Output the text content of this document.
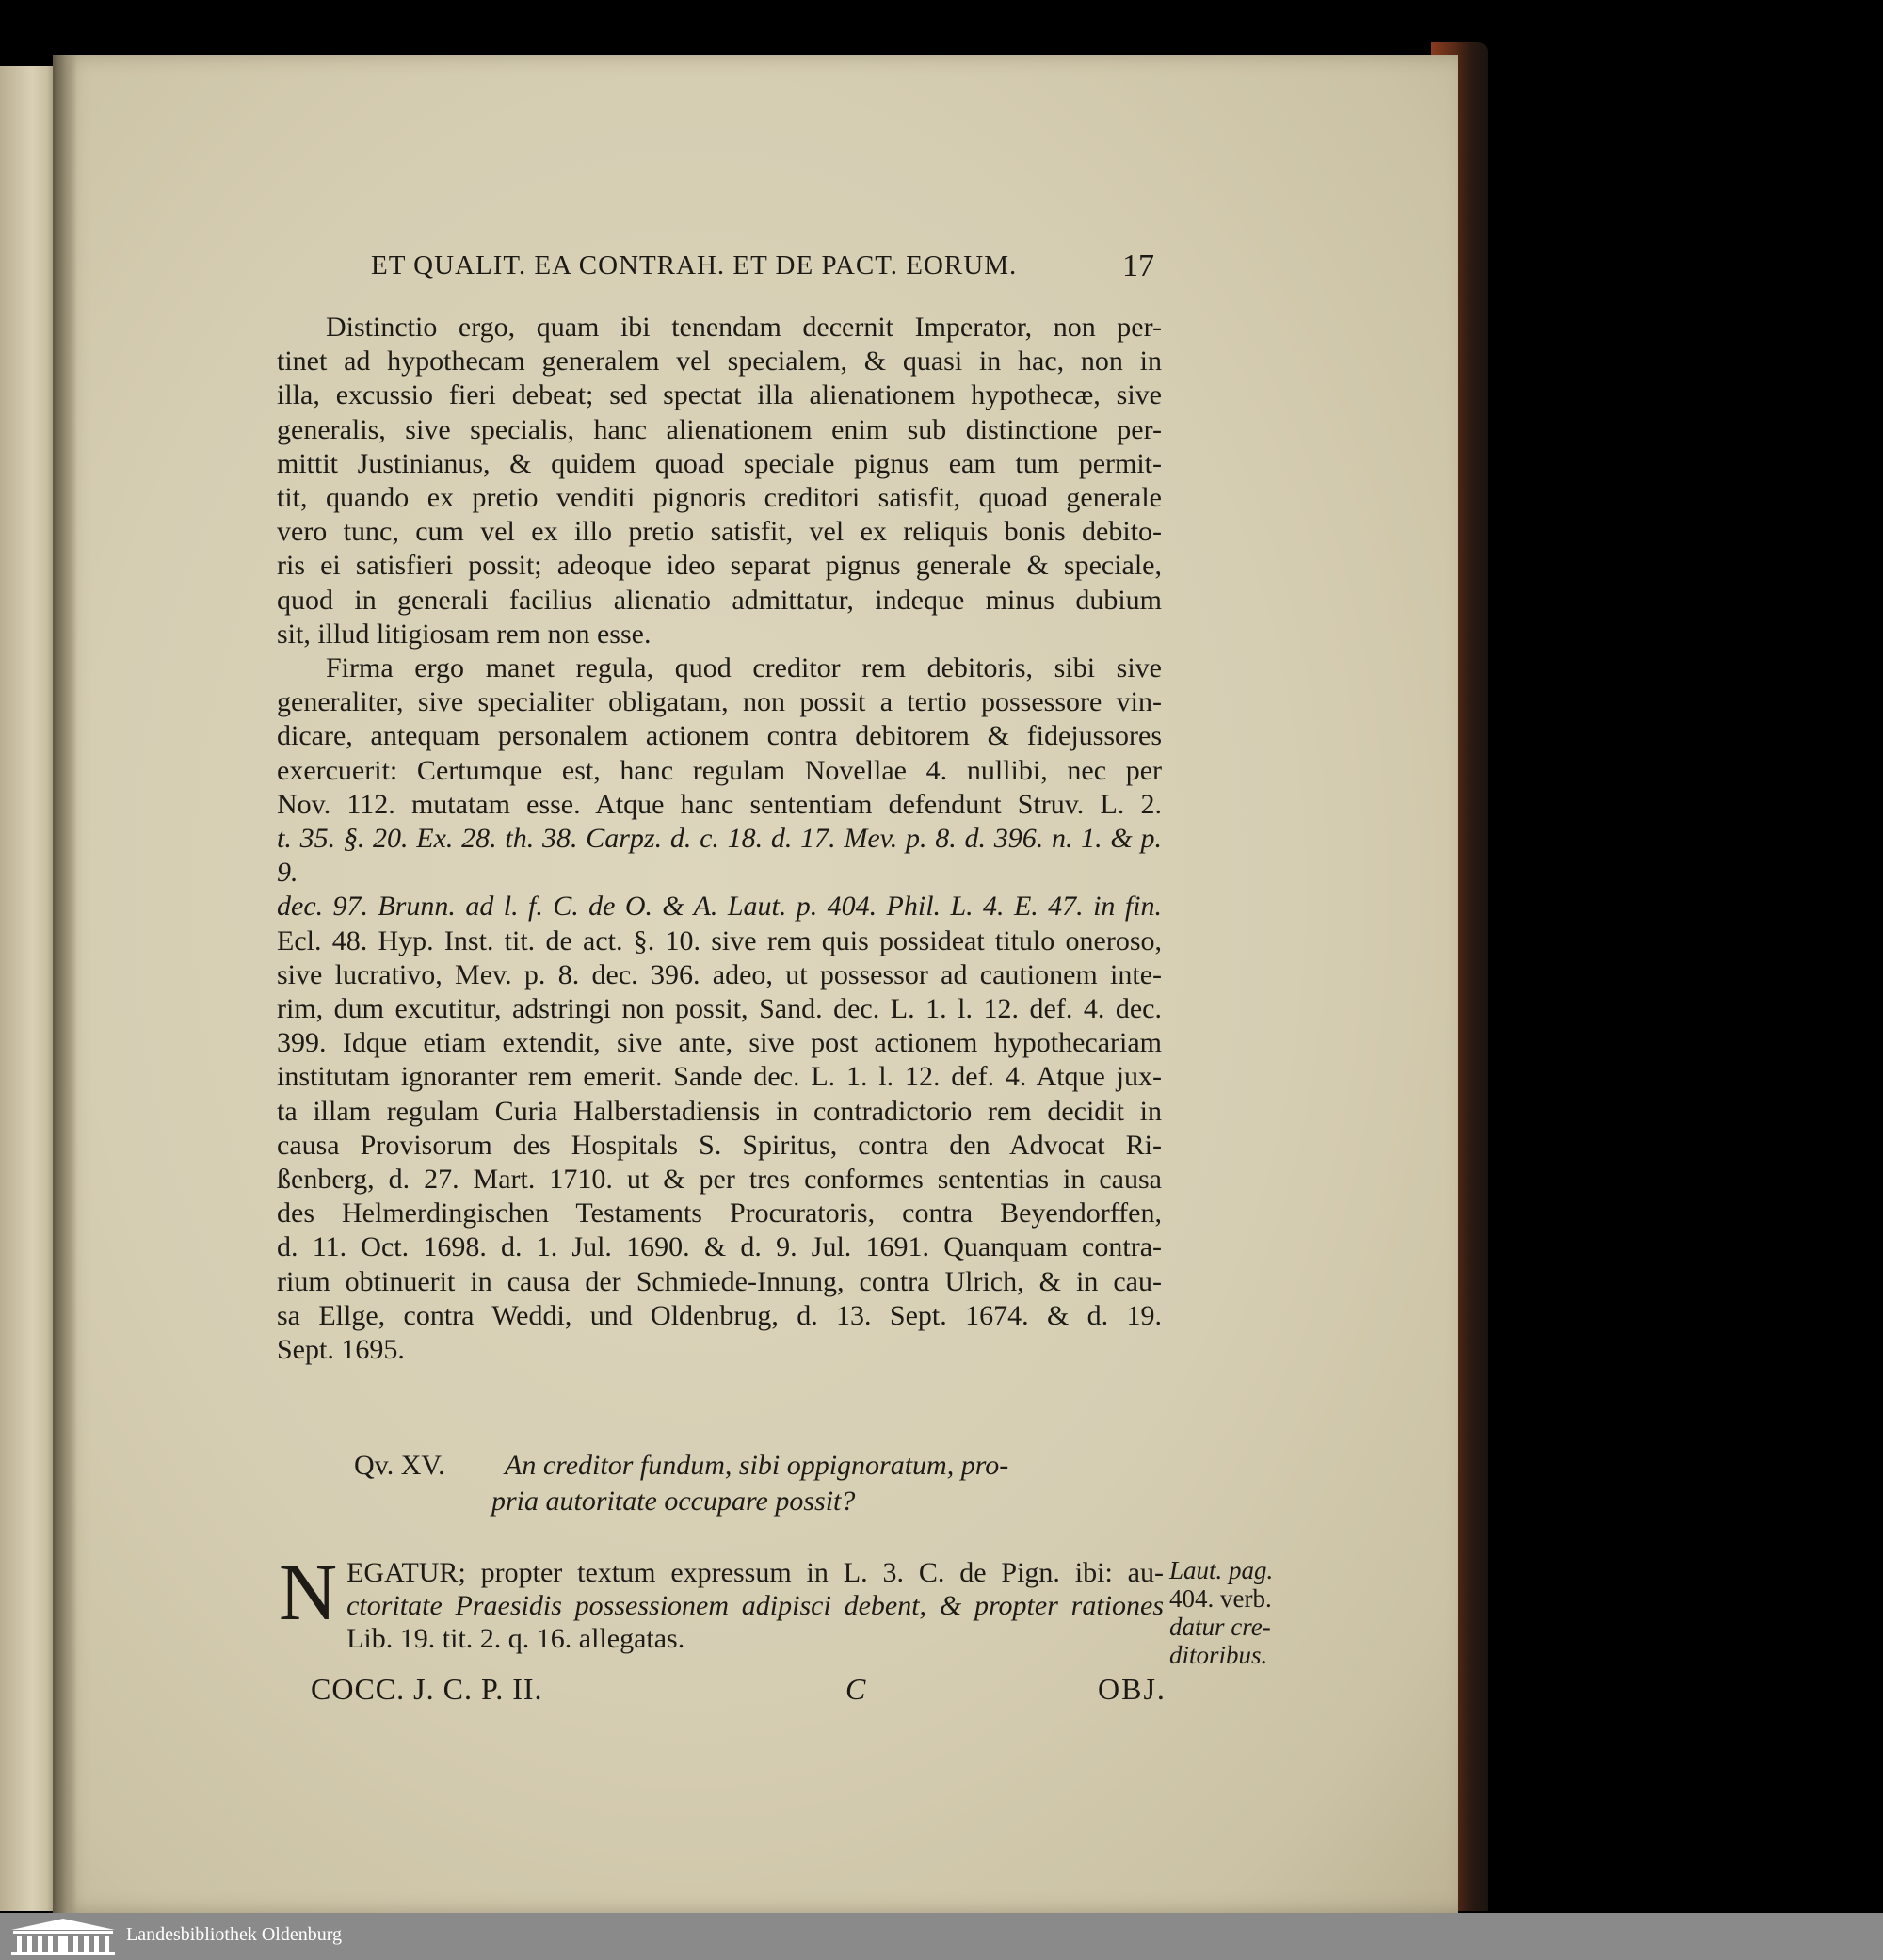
ET QUALIT. EA CONTRAH. ET DE PACT. EORUM.	17

Distinctio ergo, quam ibi tenendam decernit Imperator, non per-
tinet ad hypothecam generalem vel specialem, & quasi in hac, non in
illa, excussio fieri debeat; sed spectat illa alienationem hypothecæ, sive
generalis, sive specialis, hanc alienationem enim sub distinctione per-
mittit Justinianus, & quidem quoad speciale pignus eam tum permit-
tit, quando ex pretio venditi pignoris creditori satisfit, quoad generale
vero tunc, cum vel ex illo pretio satisfit, vel ex reliquis bonis debito-
ris ei satisfieri possit; adeoque ideo separat pignus generale & speciale,
quod in generali facilius alienatio admittatur, indeque minus dubium
sit, illud litigiosam rem non esse.

Firma ergo manet regula, quod creditor rem debitoris, sibi sive
generaliter, sive specialiter obligatam, non possit a tertio possessore vin-
dicare, antequam personalem actionem contra debitorem & fidejussores
exercuerit: Certumque est, hanc regulam Novellae 4. nullibi, nec per
Nov. 112. mutatam esse. Atque hanc sententiam defendunt Struv. L. 2.
t. 35. §. 20. Ex. 28. th. 38. Carpz. d. c. 18. d. 17. Mev. p. 8. d. 396. n. 1. & p. 9.
dec. 97. Brunn. ad l. f. C. de O. & A. Laut. p. 404. Phil. L. 4. E. 47. in fin.
Ecl. 48. Hyp. Inst. tit. de act. §. 10. sive rem quis possideat titulo oneroso,
sive lucrativo, Mev. p. 8. dec. 396. adeo, ut possessor ad cautionem inte-
rim, dum excutitur, adstringi non possit, Sand. dec. L. 1. l. 12. def. 4. dec.
399. Idque etiam extendit, sive ante, sive post actionem hypothecariam
institutam ignoranter rem emerit. Sande dec. L. 1. l. 12. def. 4. Atque jux-
ta illam regulam Curia Halberstadiensis in contradictorio rem decidit in
causa Provisorum des Hospitals S. Spiritus, contra den Advocat Ri-
ßenberg, d. 27. Mart. 1710. ut & per tres conformes sententias in causa
des Helmerdingischen Testaments Procuratoris, contra Beyendorffen,
d. 11. Oct. 1698. d. 1. Jul. 1690. & d. 9. Jul. 1691. Quanquam contra-
rium obtinuerit in causa der Schmiede-Innung, contra Ulrich, & in cau-
sa Ellge, contra Weddi, und Oldenbrug, d. 13. Sept. 1674. & d. 19.
Sept. 1695.

Qv. XV. An creditor fundum, sibi oppignoratum, pro-
pria autoritate occupare possit?
N EGATUR; propter textum expressum in L. 3. C. de Pign. ibi: au-
ctoritate Praesidis possessionem adipisci debent, & propter rationes
Lib. 19. tit. 2. q. 16. allegatas.
Laut. pag.
404. verb.
datur cre-
ditoribus.
COCC. J. C. P. II.	C	OBJ.
Landesbibliothek Oldenburg
